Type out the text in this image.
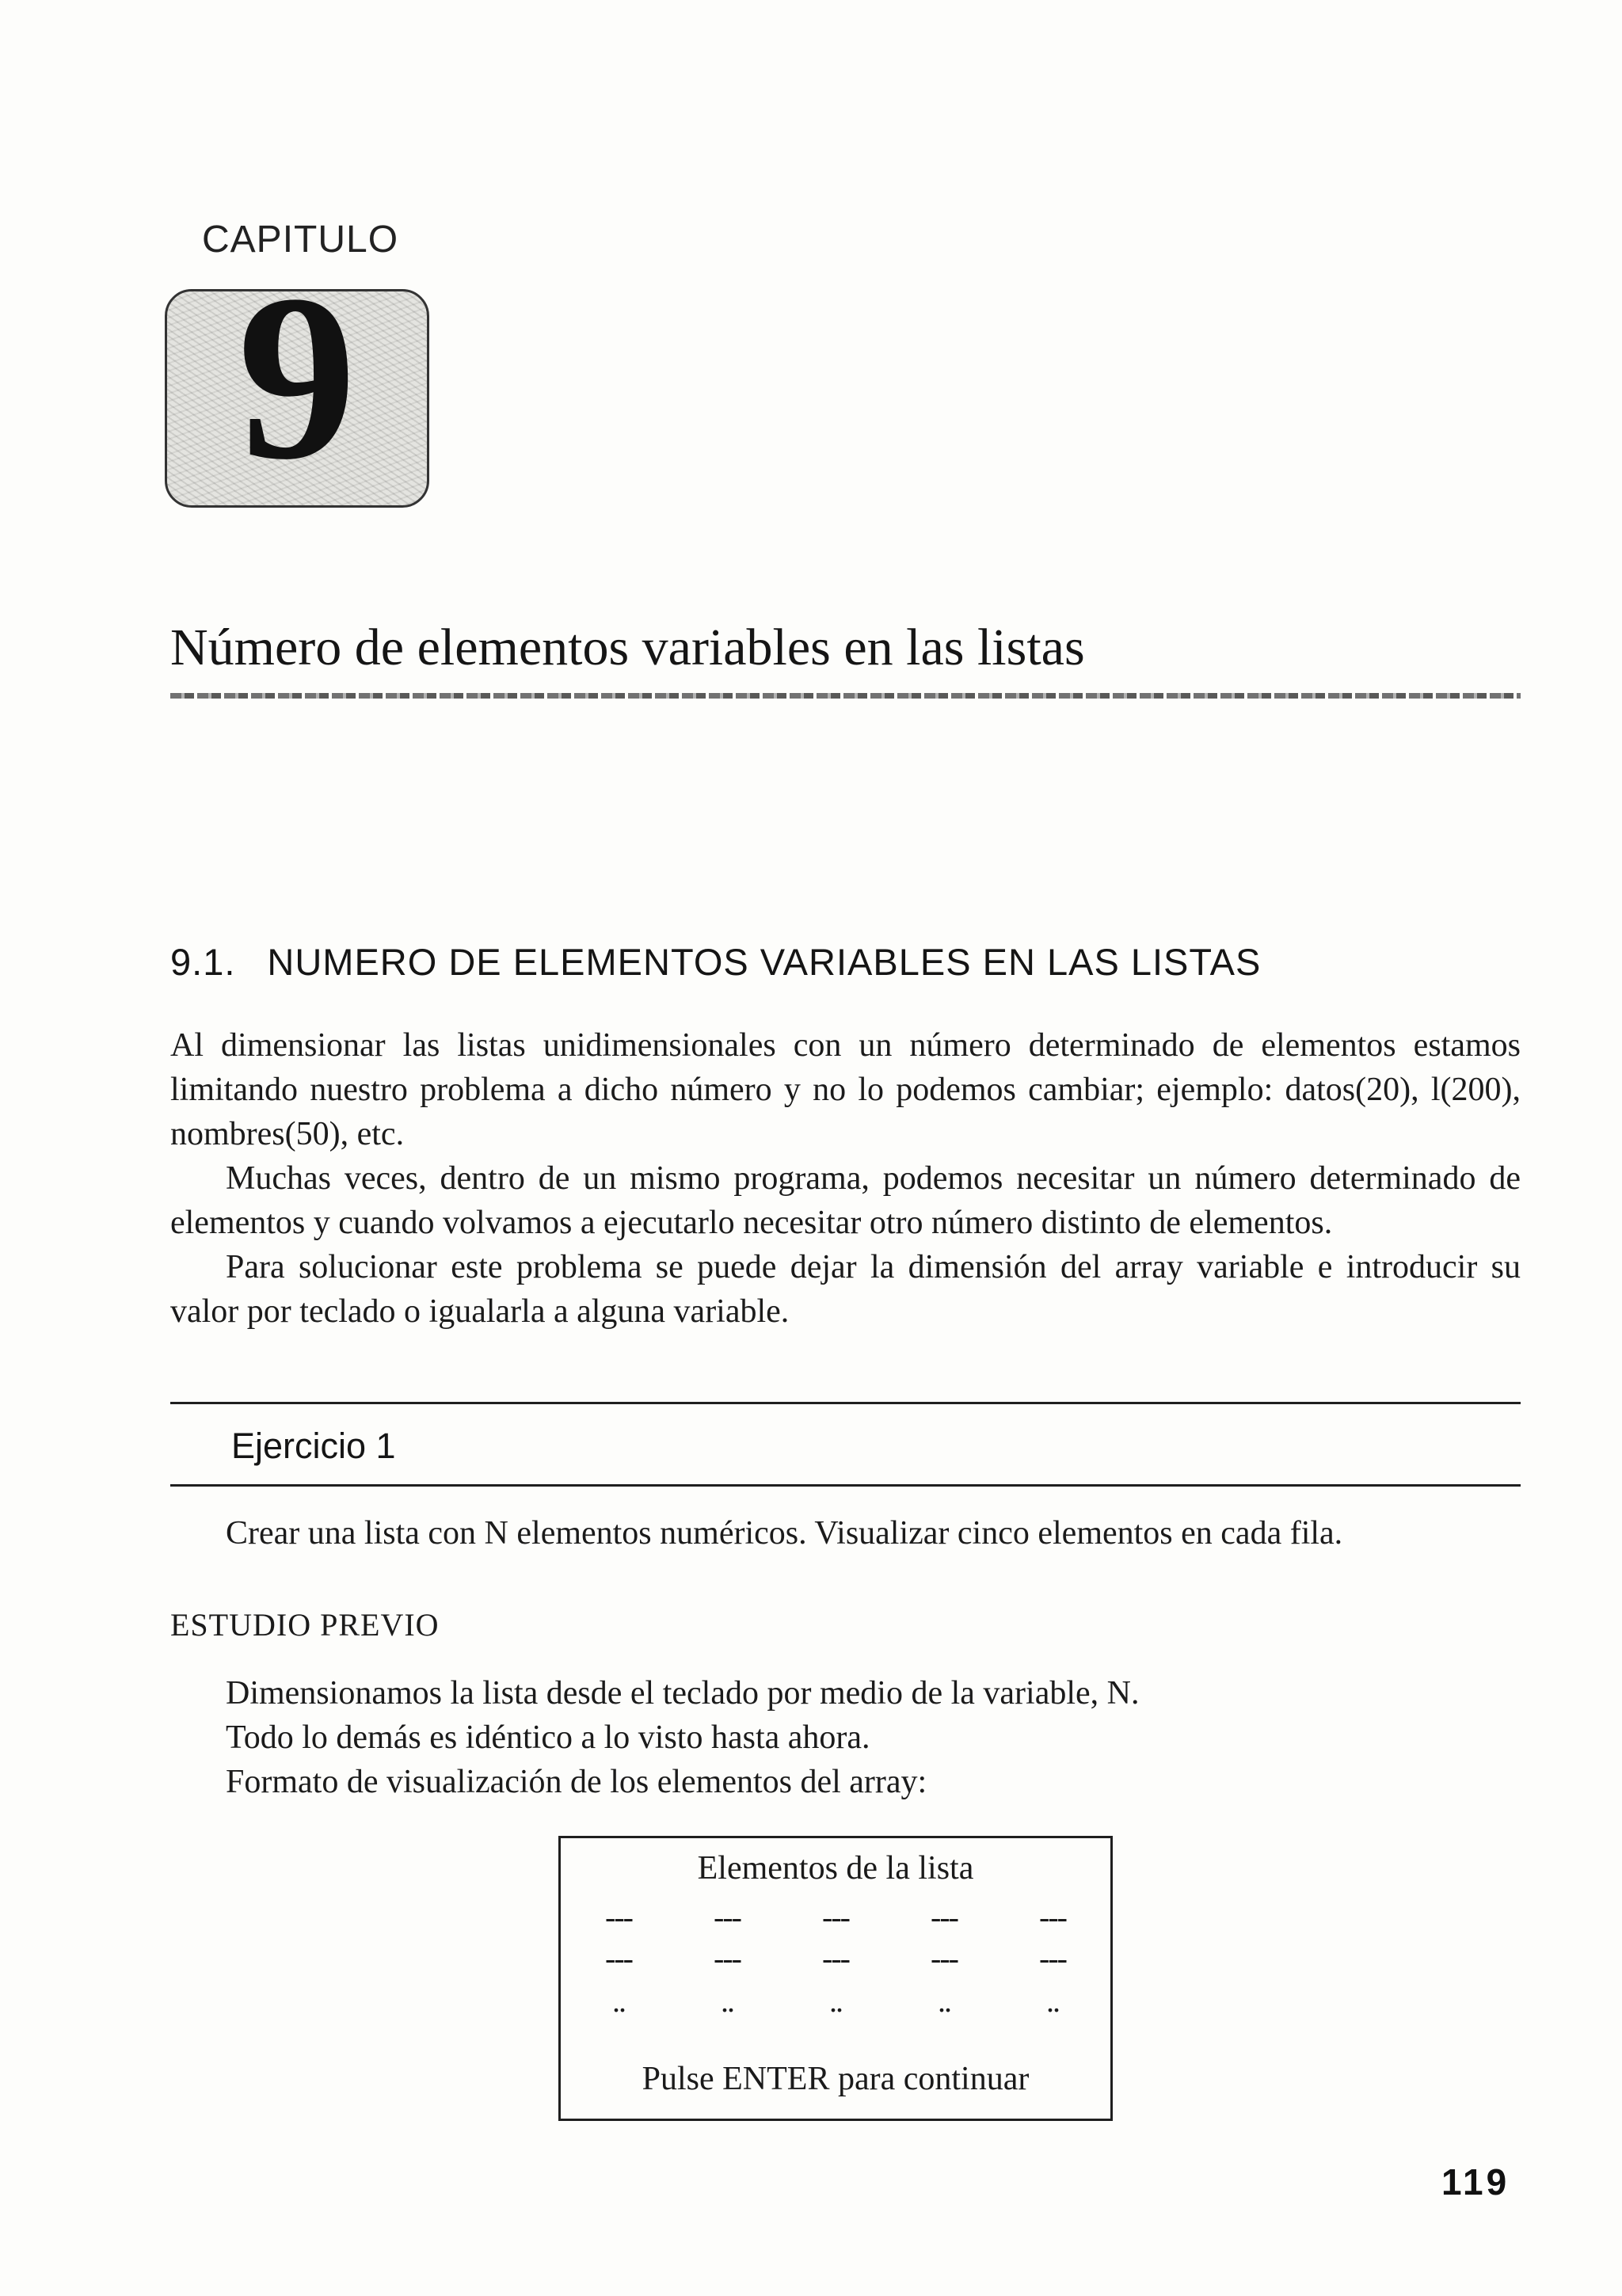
CAPITULO
9
Número de elementos variables en las listas
9.1. NUMERO DE ELEMENTOS VARIABLES EN LAS LISTAS

Al dimensionar las listas unidimensionales con un número determinado de elementos estamos limitando nuestro problema a dicho número y no lo podemos cambiar; ejemplo: datos(20), l(200), nombres(50), etc.

Muchas veces, dentro de un mismo programa, podemos necesitar un número determinado de elementos y cuando volvamos a ejecutarlo necesitar otro número distinto de elementos.

Para solucionar este problema se puede dejar la dimensión del array variable e introducir su valor por teclado o igualarla a alguna variable.

Ejercicio 1
Crear una lista con N elementos numéricos. Visualizar cinco elementos en cada fila.
ESTUDIO PREVIO
Dimensionamos la lista desde el teclado por medio de la variable, N.
Todo lo demás es idéntico a lo visto hasta ahora.
Formato de visualización de los elementos del array:
Elementos de la lista
---	---	---	---	---
---	---	---	---	---
..	..	..	..	..
Pulse ENTER para continuar
119
